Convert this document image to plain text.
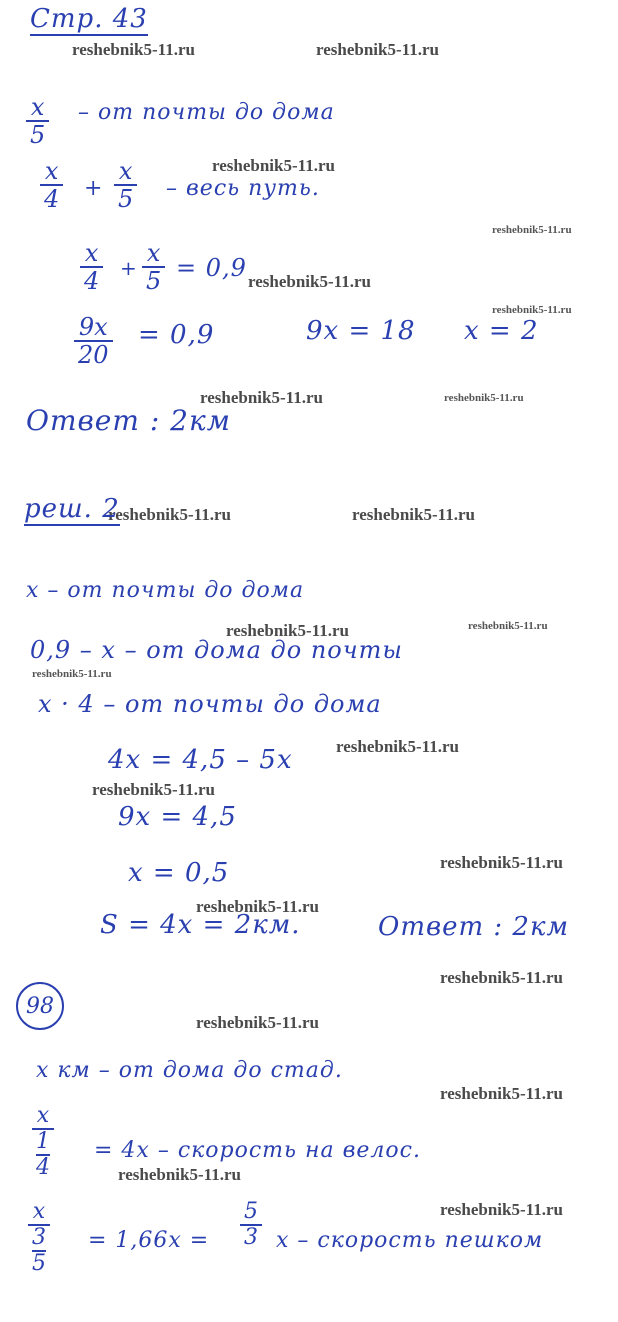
Стр. 43
reshebnik5-11.ru	reshebnik5-11.ru
reshebnik5-11.ru
reshebnik5-11.ru
reshebnik5-11.ru
reshebnik5-11.ru
reshebnik5-11.ru	reshebnik5-11.ru
reshebnik5-11.ru	reshebnik5-11.ru
reshebnik5-11.ru	reshebnik5-11.ru
reshebnik5-11.ru
reshebnik5-11.ru
reshebnik5-11.ru
reshebnik5-11.ru
reshebnik5-11.ru
reshebnik5-11.ru
reshebnik5-11.ru
reshebnik5-11.ru
reshebnik5-11.ru
reshebnik5-11.ru
x
5
– от почты до дома
x
4 +
x
5 – весь путь.
x
4 +
x
5 = 0,9
9x
20
= 0,9	9x = 18 x = 2
Ответ : 2км
реш. 2
x – от почты до дома
0,9 – x – от дома до почты
x · 4 – от почты до дома
4x = 4,5 – 5x
9x = 4,5
x = 0,5
S = 4x = 2км.	Ответ : 2км
98
x км – от дома до стад.
x
1
4
= 4x – скорость на велос.
x
3
5
= 1,66x =
5
3 x – скорость пешком
